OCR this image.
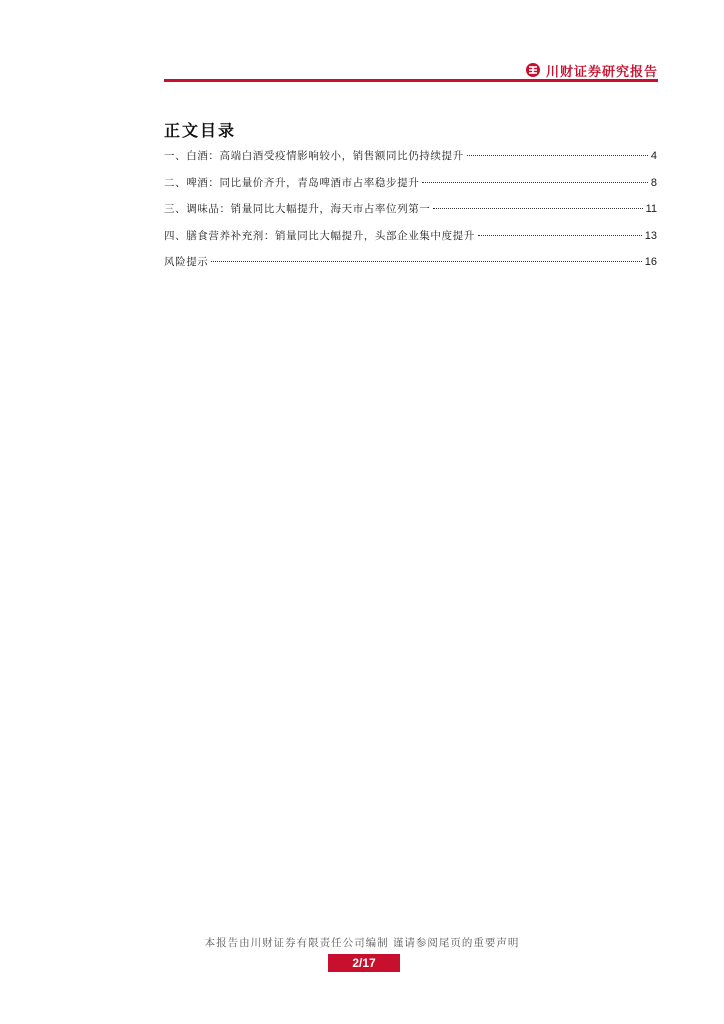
川财证券研究报告
正文目录
一、白酒：高端白酒受疫情影响较小，销售额同比仍持续提升	4
二、啤酒：同比量价齐升，青岛啤酒市占率稳步提升	8
三、调味品：销量同比大幅提升，海天市占率位列第一	11
四、膳食营养补充剂：销量同比大幅提升，头部企业集中度提升	13
风险提示	16
本报告由川财证券有限责任公司编制 谨请参阅尾页的重要声明
2/17
